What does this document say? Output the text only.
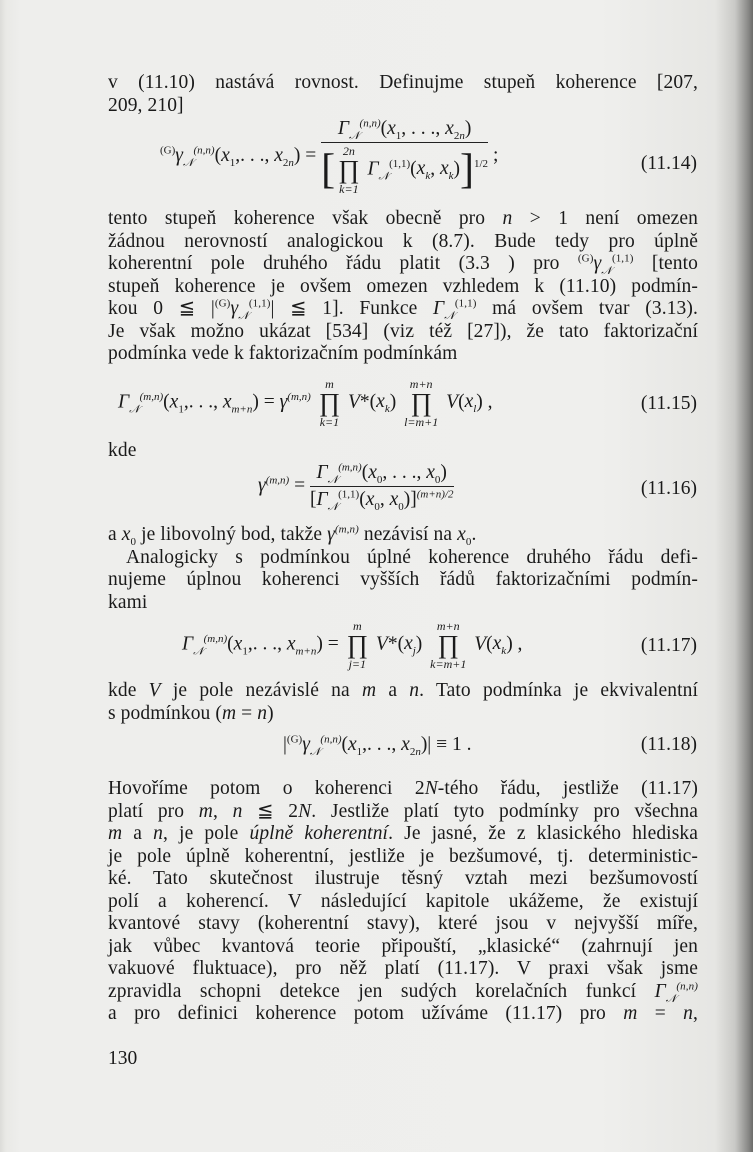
v (11.10) nastává rovnost. Definujme stupeň koherence [207,
209, 210]
$^{(G)}\gamma_𝒩^{(n,n)}(x_1$,. . ., $x_{2n}) = \Gamma_𝒩^{(n,n)}(x_1$, . . ., $x_{2n}$)
[ 2n
∏
k=1
$\Gamma_𝒩^{(1,1)}(x_k$, $x_k)]^{1/2}$ ;	(11.14)
tento stupeň koherence však obecně pro n > 1 není omezen
žádnou nerovností analogickou k (8.7). Bude tedy pro úplně
koherentní pole druhého řádu platit (3.3 ) pro $^{(G)}\gamma_𝒩^{(1,1)}$ [tento
stupeň koherence je ovšem omezen vzhledem k (11.10) podmín-
kou 0 ≦ $|^{(G)}\gamma_𝒩^{(1,1)}|$ ≦ 1]. Funkce $\Gamma_𝒩^{(1,1)}$ má ovšem tvar (3.13).
Je však možno ukázat [534] (viz též [27]), že tato faktorizační
podmínka vede k faktorizačním podmínkám
$\Gamma_𝒩^{(m,n)}(x_1$,. . ., $x_{m+n}) = \gamma^{(m,n)}$
m
∏
k=1
$V*(x_k)$
m+n
∏
l=m+1
$V(x_l)$ ,	(11.15)
kde
$\gamma^{(m,n)} = \frac{\Gamma_𝒩^{(m,n)}(x_0, . . ., x_0)}{[\Gamma_𝒩^{(1,1)}(x_0, x_0)]^{(m+n)/2}}$	(11.16)
a $x_0$ je libovolný bod, takže $\gamma^{(m,n)}$ nezávisí na $x_0$.
Analogicky s podmínkou úplné koherence druhého řádu defi-
nujeme úplnou koherenci vyšších řádů faktorizačními podmín-
kami
$\Gamma_𝒩^{(m,n)}(x_1$,. . ., $x_{m+n}$) =
m
∏
j=1
$V*(x_j)$
m+n
∏
k=m+1
$V(x_k)$ ,	(11.17)
kde V je pole nezávislé na m a n. Tato podmínka je ekvivalentní
s podmínkou (m = n)
$|^{(G)}\gamma_𝒩^{(n,n)}(x_1$,. . ., $x_{2n})| \equiv 1$ .	(11.18)
Hovoříme potom o koherenci 2N-tého řádu, jestliže (11.17)
platí pro m, n ≦ 2N. Jestliže platí tyto podmínky pro všechna
m a n, je pole úplně koherentní. Je jasné, že z klasického hlediska
je pole úplně koherentní, jestliže je bezšumové, tj. deterministic-
ké. Tato skutečnost ilustruje těsný vztah mezi bezšumovostí
polí a koherencí. V následující kapitole ukážeme, že existují
kvantové stavy (koherentní stavy), které jsou v nejvyšší míře,
jak vůbec kvantová teorie připouští, „klasické“ (zahrnují jen
vakuové fluktuace), pro něž platí (11.17). V praxi však jsme
zpravidla schopni detekce jen sudých korelačních funkcí $\Gamma_𝒩^{(n,n)}$
a pro definici koherence potom užíváme (11.17) pro m = n,
130
